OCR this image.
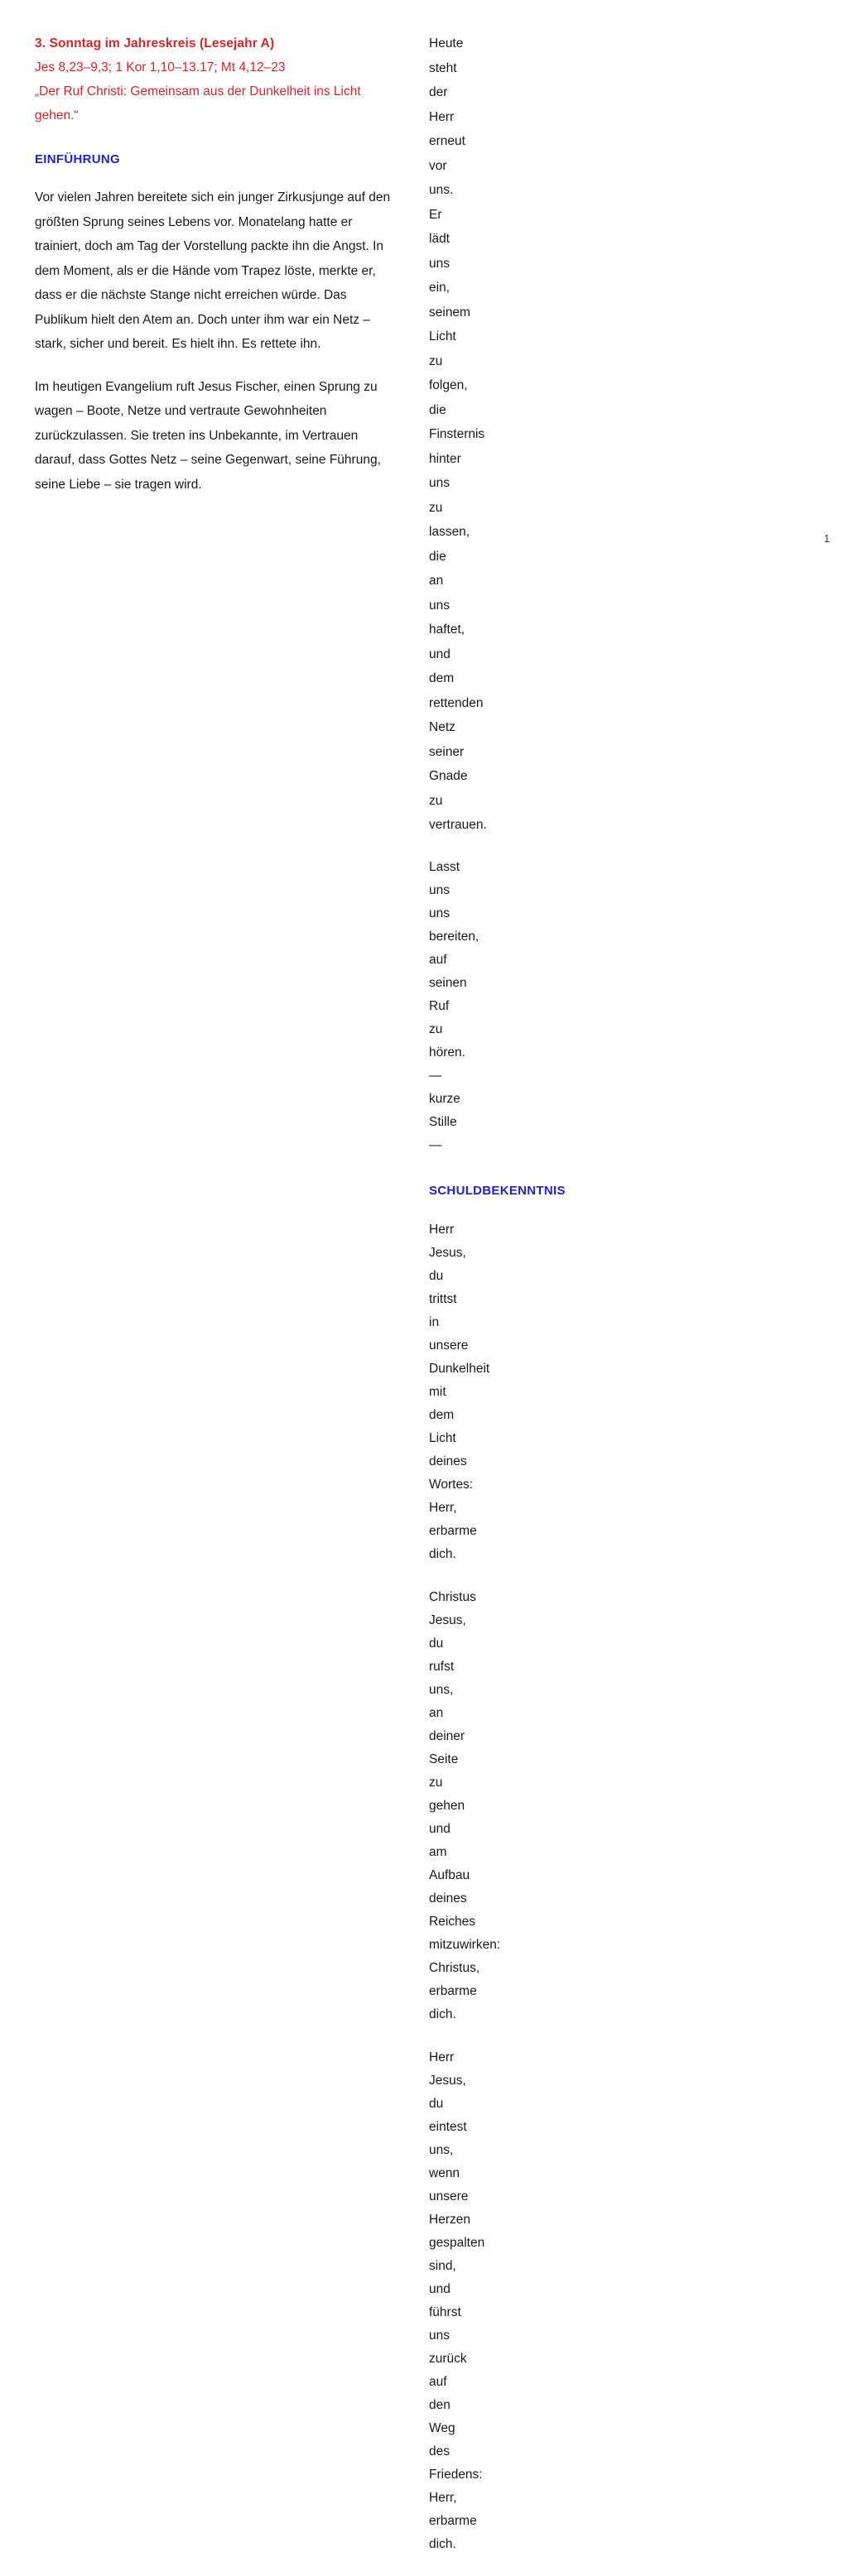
3. Sonntag im Jahreskreis (Lesejahr A)
Jes 8,23–9,3; 1 Kor 1,10–13.17; Mt 4,12–23
„Der Ruf Christi: Gemeinsam aus der Dunkelheit ins Licht gehen.“
EINFÜHRUNG

Vor vielen Jahren bereitete sich ein junger Zirkusjunge auf den größten Sprung seines Lebens vor. Monatelang hatte er trainiert, doch am Tag der Vorstellung packte ihn die Angst. In dem Moment, als er die Hände vom Trapez löste, merkte er, dass er die nächste Stange nicht erreichen würde. Das Publikum hielt den Atem an. Doch unter ihm war ein Netz – stark, sicher und bereit. Es hielt ihn. Es rettete ihn.

Im heutigen Evangelium ruft Jesus Fischer, einen Sprung zu wagen – Boote, Netze und vertraute Gewohnheiten zurückzulassen. Sie treten ins Unbekannte, im Vertrauen darauf, dass Gottes Netz – seine Gegenwart, seine Führung, seine Liebe – sie tragen wird.

Heute steht der Herr erneut vor uns. Er lädt uns ein, seinem Licht zu folgen, die Finsternis hinter uns zu lassen, die an uns haftet, und dem rettenden Netz seiner Gnade zu vertrauen.

Lasst uns uns bereiten, auf seinen Ruf zu hören.
— kurze Stille —
SCHULDBEKENNTNIS
Herr Jesus,
du trittst in unsere Dunkelheit mit dem Licht deines Wortes:
Herr, erbarme dich.
Christus Jesus,
du rufst uns, an deiner Seite zu gehen und am Aufbau deines Reiches mitzuwirken:
Christus, erbarme dich.
Herr Jesus,
du eintest uns, wenn unsere Herzen gespalten sind, und führst uns zurück auf den Weg des Friedens:
Herr, erbarme dich.
1
